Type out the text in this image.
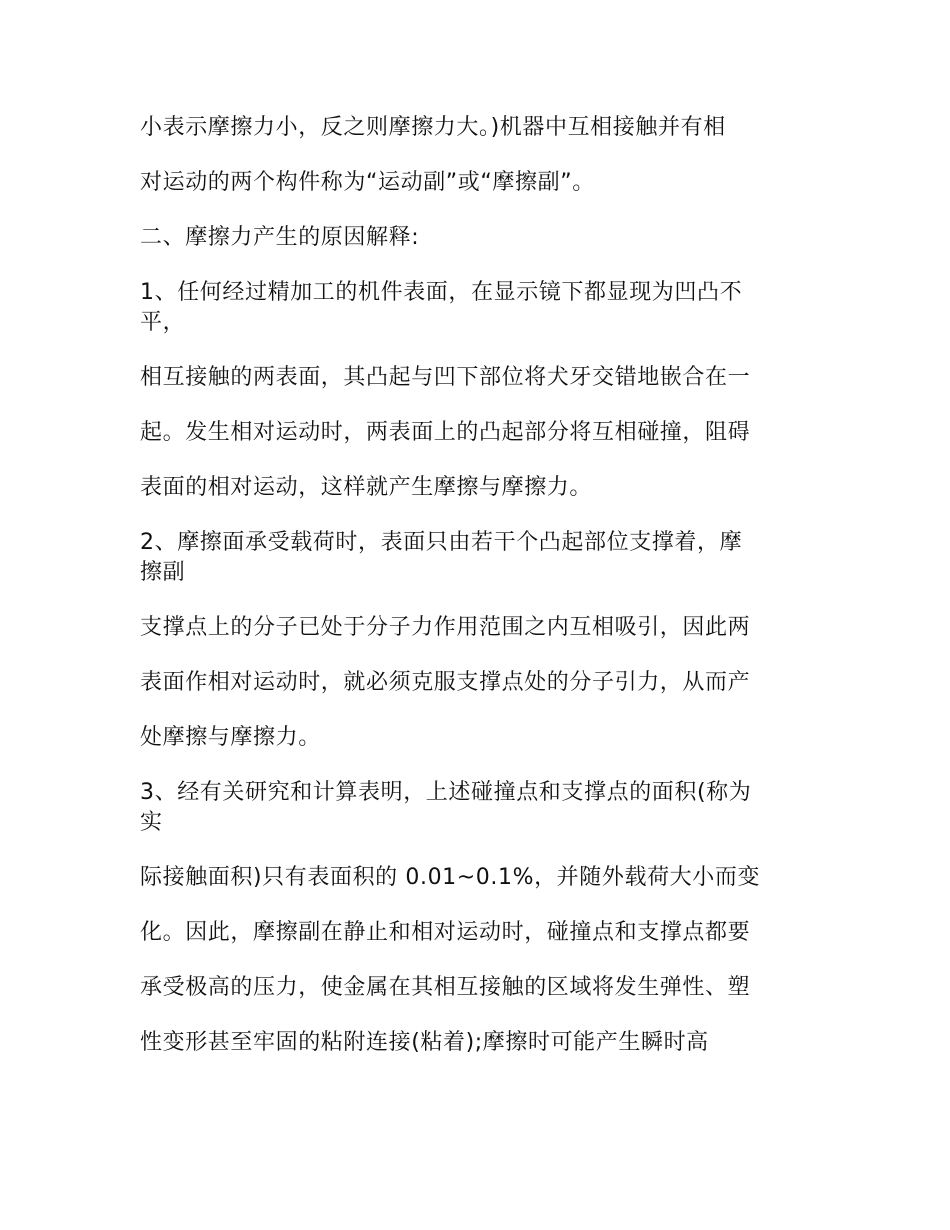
小表示摩擦力小，反之则摩擦力大。)机器中互相接触并有相

对运动的两个构件称为“运动副”或“摩擦副”。

二、摩擦力产生的原因解释:

1、任何经过精加工的机件表面，在显示镜下都显现为凹凸不
平，

相互接触的两表面，其凸起与凹下部位将犬牙交错地嵌合在一

起。发生相对运动时，两表面上的凸起部分将互相碰撞，阻碍

表面的相对运动，这样就产生摩擦与摩擦力。

2、摩擦面承受载荷时，表面只由若干个凸起部位支撑着，摩
擦副

支撑点上的分子已处于分子力作用范围之内互相吸引，因此两

表面作相对运动时，就必须克服支撑点处的分子引力，从而产

处摩擦与摩擦力。

3、经有关研究和计算表明，上述碰撞点和支撑点的面积(称为
实

际接触面积)只有表面积的 0.01~0.1%，并随外载荷大小而变

化。因此，摩擦副在静止和相对运动时，碰撞点和支撑点都要

承受极高的压力，使金属在其相互接触的区域将发生弹性、塑

性变形甚至牢固的粘附连接(粘着);摩擦时可能产生瞬时高
